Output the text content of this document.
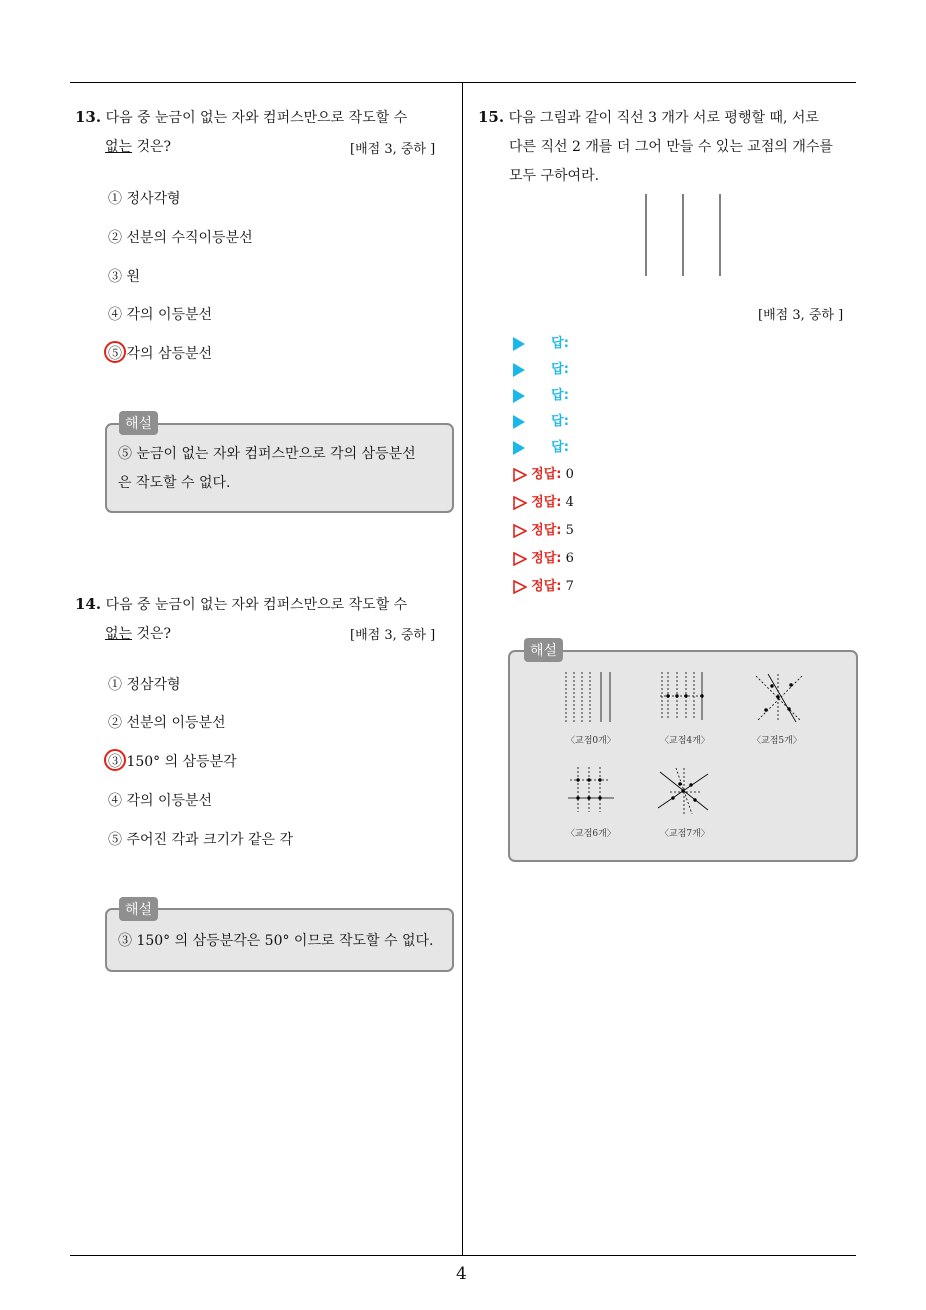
4
13. 다음 중 눈금이 없는 자와 컴퍼스만으로 작도할 수
없는 것은?	[배점 3, 중하 ]
① 정사각형
② 선분의 수직이등분선
③ 원
④ 각의 이등분선
⑤ 각의 삼등분선
해설
⑤ 눈금이 없는 자와 컴퍼스만으로 각의 삼등분선
은 작도할 수 없다.
14. 다음 중 눈금이 없는 자와 컴퍼스만으로 작도할 수
없는 것은?	[배점 3, 중하 ]
① 정삼각형
② 선분의 이등분선
③ 150° 의 삼등분각
④ 각의 이등분선
⑤ 주어진 각과 크기가 같은 각
해설
③ 150° 의 삼등분각은 50° 이므로 작도할 수 없다.
15. 다음 그림과 같이 직선 3 개가 서로 평행할 때, 서로
다른 직선 2 개를 더 그어 만들 수 있는 교점의 개수를
모두 구하여라.
[배점 3, 중하 ]
답:
답:
답:
답:
답:
정답: 0
정답: 4
정답: 5
정답: 6
정답: 7
해설
〈교점0개〉	〈교점4개〉	〈교점5개〉
〈교점6개〉	〈교점7개〉
